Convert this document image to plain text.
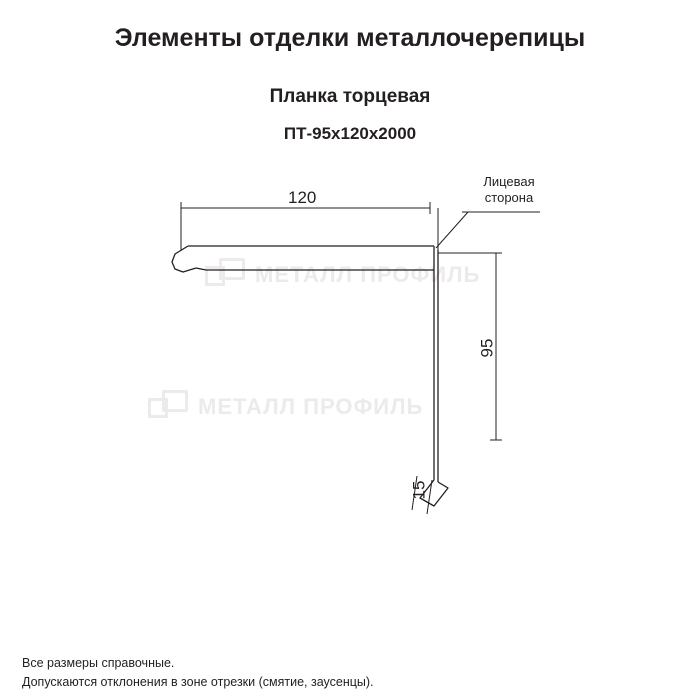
Элементы отделки металлочерепицы
Планка торцевая
ПТ-95х120х2000
МЕТАЛЛ ПРОФИЛЬ
МЕТАЛЛ ПРОФИЛЬ
Лицевая
сторона
120
95
15
Все размеры справочные.
Допускаются отклонения в зоне отрезки (смятие, заусенцы).
